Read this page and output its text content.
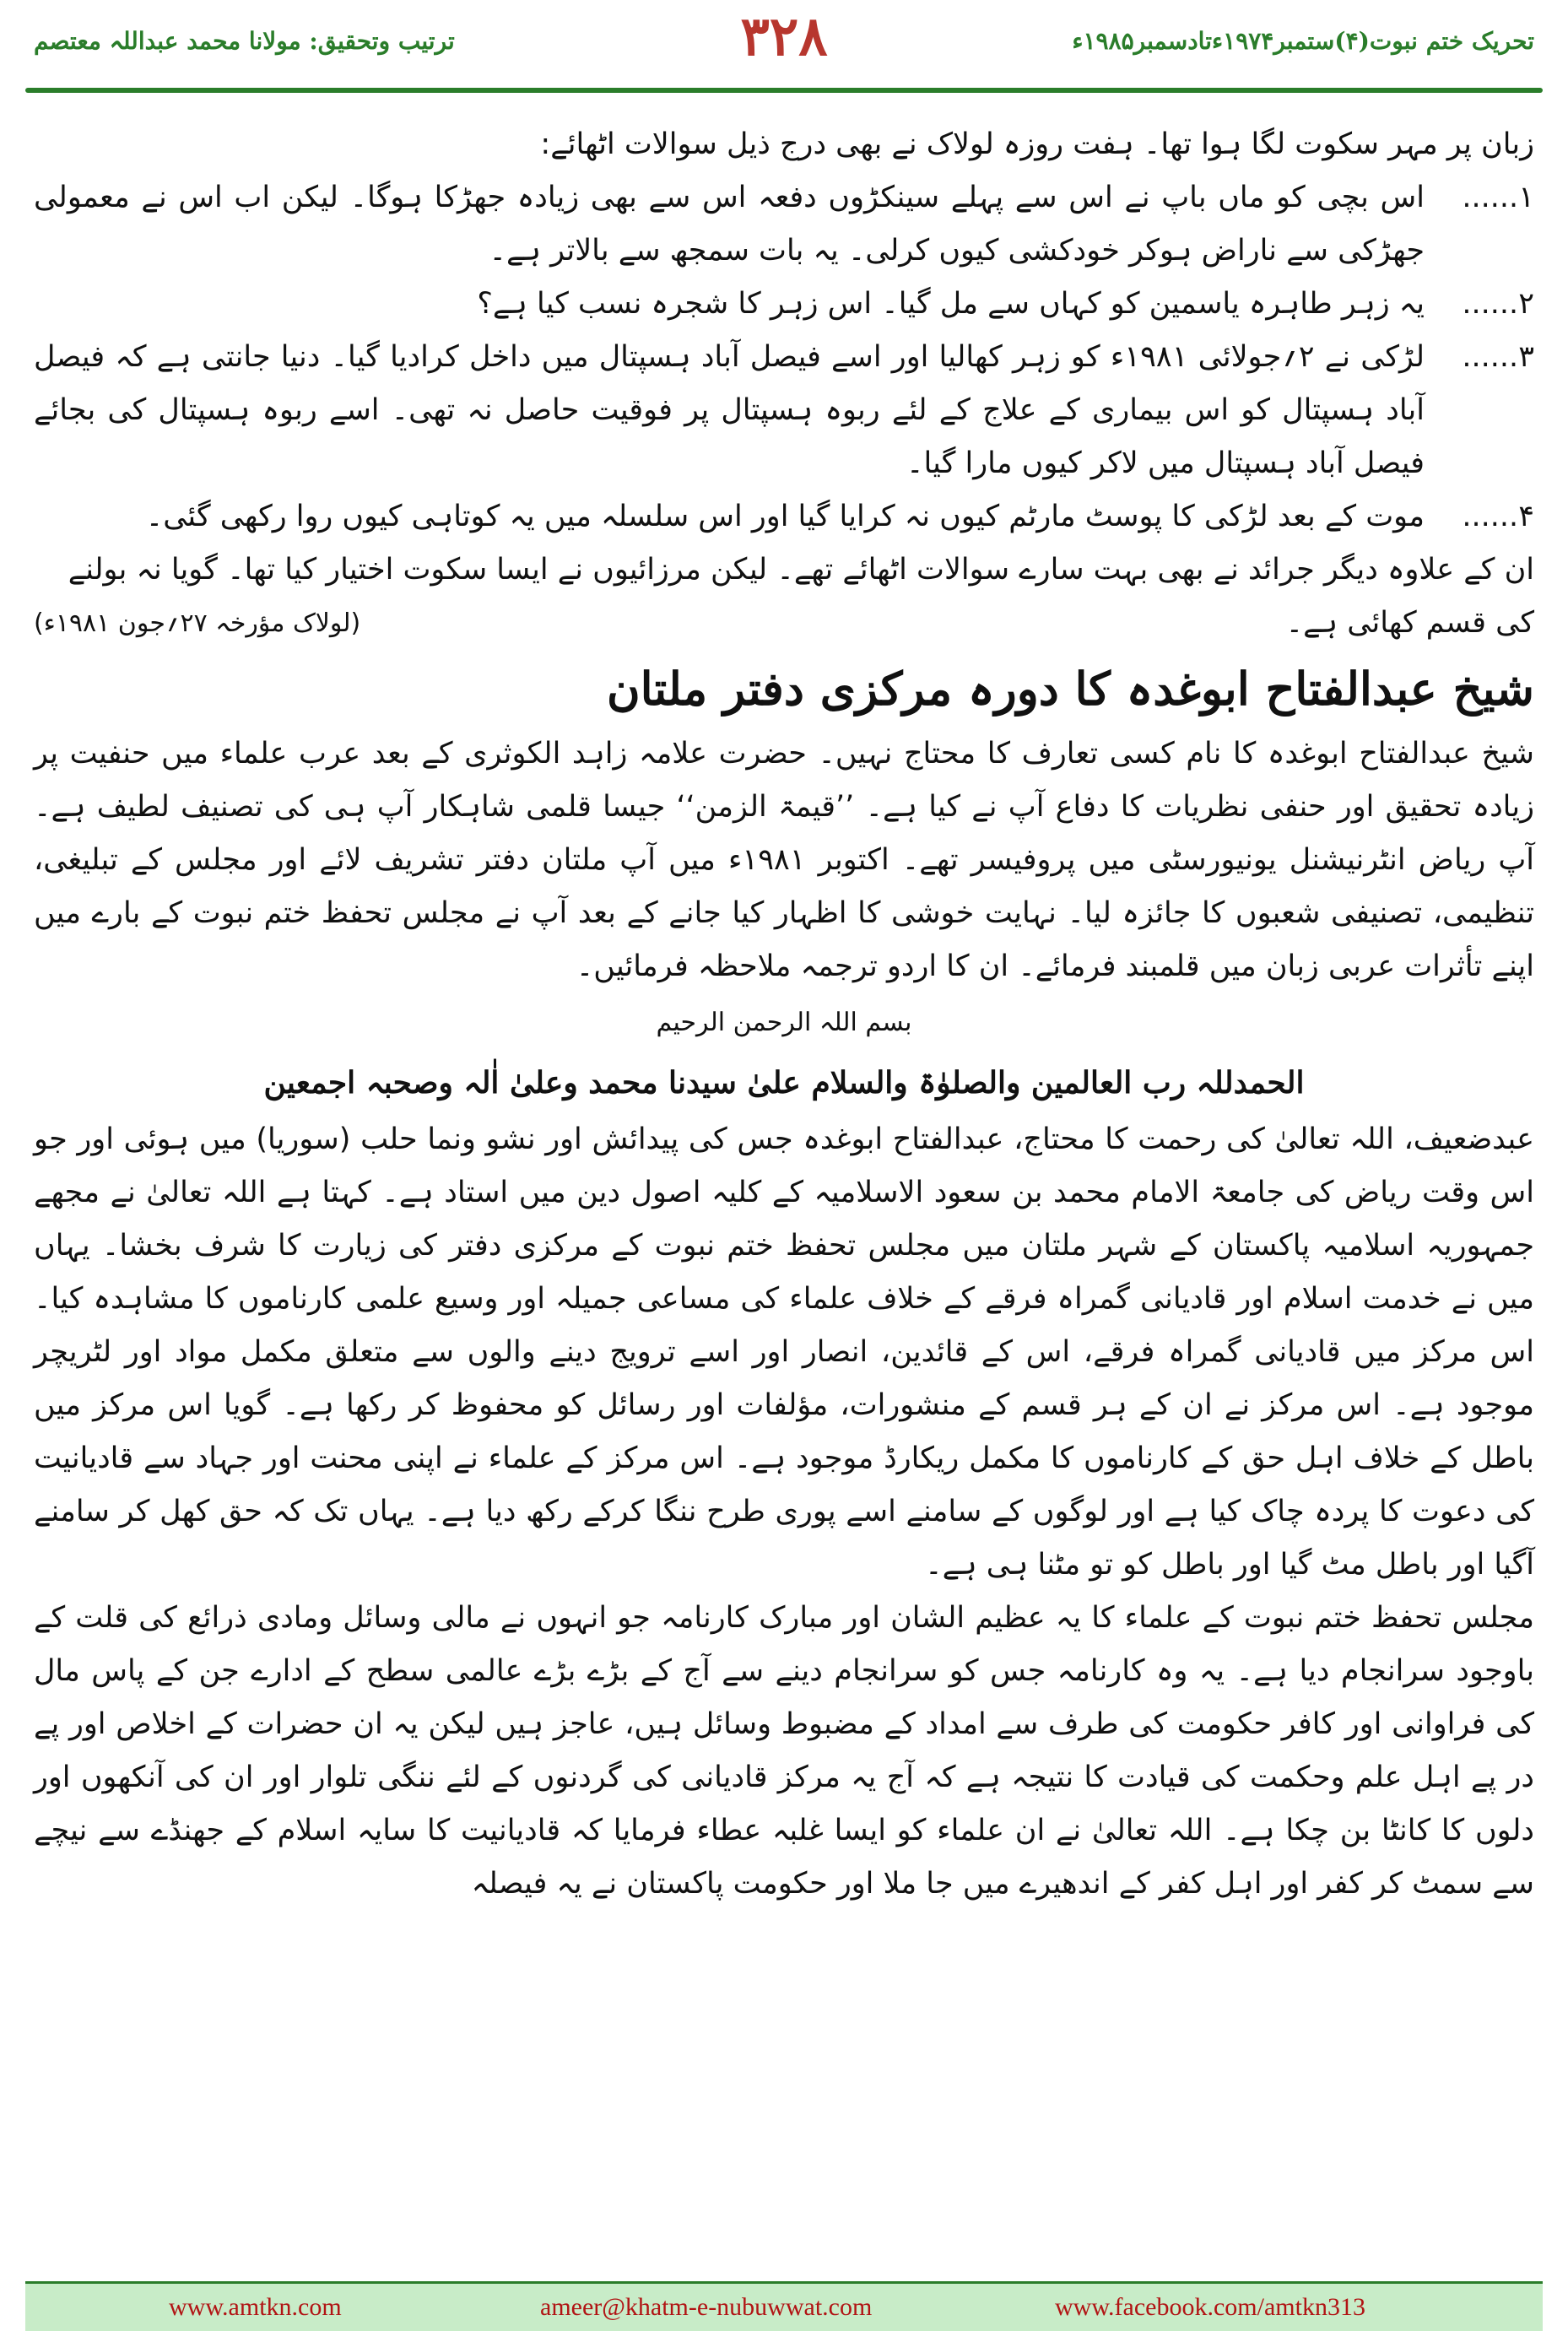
تحریک ختم نبوت(۴)ستمبر۱۹۷۴ءتادسمبر۱۹۸۵ء
۳۲۸
ترتیب وتحقیق: مولانا محمد عبداللہ معتصم

زبان پر مہر سکوت لگا ہوا تھا۔ ہفت روزہ لولاک نے بھی درج ذیل سوالات اٹھائے:

۱......
اس بچی کو ماں باپ نے اس سے پہلے سینکڑوں دفعہ اس سے بھی زیادہ جھڑکا ہوگا۔ لیکن اب اس نے معمولی جھڑکی سے ناراض ہوکر خودکشی کیوں کرلی۔ یہ بات سمجھ سے بالاتر ہے۔
۲......
یہ زہر طاہرہ یاسمین کو کہاں سے مل گیا۔ اس زہر کا شجرہ نسب کیا ہے؟
۳......
لڑکی نے ۲؍جولائی ۱۹۸۱ء کو زہر کھالیا اور اسے فیصل آباد ہسپتال میں داخل کرادیا گیا۔ دنیا جانتی ہے کہ فیصل آباد ہسپتال کو اس بیماری کے علاج کے لئے ربوہ ہسپتال پر فوقیت حاصل نہ تھی۔ اسے ربوہ ہسپتال کی بجائے فیصل آباد ہسپتال میں لاکر کیوں مارا گیا۔
۴......
موت کے بعد لڑکی کا پوسٹ مارٹم کیوں نہ کرایا گیا اور اس سلسلہ میں یہ کوتاہی کیوں روا رکھی گئی۔

ان کے علاوہ دیگر جرائد نے بھی بہت سارے سوالات اٹھائے تھے۔ لیکن مرزائیوں نے ایسا سکوت اختیار کیا تھا۔ گویا نہ بولنے

کی قسم کھائی ہے۔
(لولاک مؤرخہ ۲۷؍جون ۱۹۸۱ء)
شیخ عبدالفتاح ابوغدہ کا دورہ مرکزی دفتر ملتان

شیخ عبدالفتاح ابوغدہ کا نام کسی تعارف کا محتاج نہیں۔ حضرت علامہ زاہد الکوثری کے بعد عرب علماء میں حنفیت پر زیادہ تحقیق اور حنفی نظریات کا دفاع آپ نے کیا ہے۔ ’’قیمۃ الزمن‘‘ جیسا قلمی شاہکار آپ ہی کی تصنیف لطیف ہے۔ آپ ریاض انٹرنیشنل یونیورسٹی میں پروفیسر تھے۔ اکتوبر ۱۹۸۱ء میں آپ ملتان دفتر تشریف لائے اور مجلس کے تبلیغی، تنظیمی، تصنیفی شعبوں کا جائزہ لیا۔ نہایت خوشی کا اظہار کیا جانے کے بعد آپ نے مجلس تحفظ ختم نبوت کے بارے میں اپنے تأثرات عربی زبان میں قلمبند فرمائے۔ ان کا اردو ترجمہ ملاحظہ فرمائیں۔

بسم اللہ الرحمن الرحیم
الحمدللہ رب العالمین والصلوٰۃ والسلام علیٰ سیدنا محمد وعلیٰ اٰلہ وصحبہ اجمعین

عبدضعیف، اللہ تعالیٰ کی رحمت کا محتاج، عبدالفتاح ابوغدہ جس کی پیدائش اور نشو ونما حلب (سوریا) میں ہوئی اور جو اس وقت ریاض کی جامعۃ الامام محمد بن سعود الاسلامیہ کے کلیہ اصول دین میں استاد ہے۔ کہتا ہے اللہ تعالیٰ نے مجھے جمہوریہ اسلامیہ پاکستان کے شہر ملتان میں مجلس تحفظ ختم نبوت کے مرکزی دفتر کی زیارت کا شرف بخشا۔ یہاں میں نے خدمت اسلام اور قادیانی گمراہ فرقے کے خلاف علماء کی مساعی جمیلہ اور وسیع علمی کارناموں کا مشاہدہ کیا۔ اس مرکز میں قادیانی گمراہ فرقے، اس کے قائدین، انصار اور اسے ترویج دینے والوں سے متعلق مکمل مواد اور لٹریچر موجود ہے۔ اس مرکز نے ان کے ہر قسم کے منشورات، مؤلفات اور رسائل کو محفوظ کر رکھا ہے۔ گویا اس مرکز میں باطل کے خلاف اہل حق کے کارناموں کا مکمل ریکارڈ موجود ہے۔ اس مرکز کے علماء نے اپنی محنت اور جہاد سے قادیانیت کی دعوت کا پردہ چاک کیا ہے اور لوگوں کے سامنے اسے پوری طرح ننگا کرکے رکھ دیا ہے۔ یہاں تک کہ حق کھل کر سامنے آگیا اور باطل مٹ گیا اور باطل کو تو مٹنا ہی ہے۔

مجلس تحفظ ختم نبوت کے علماء کا یہ عظیم الشان اور مبارک کارنامہ جو انہوں نے مالی وسائل ومادی ذرائع کی قلت کے باوجود سرانجام دیا ہے۔ یہ وہ کارنامہ جس کو سرانجام دینے سے آج کے بڑے بڑے عالمی سطح کے ادارے جن کے پاس مال کی فراوانی اور کافر حکومت کی طرف سے امداد کے مضبوط وسائل ہیں، عاجز ہیں لیکن یہ ان حضرات کے اخلاص اور پے در پے اہل علم وحکمت کی قیادت کا نتیجہ ہے کہ آج یہ مرکز قادیانی کی گردنوں کے لئے ننگی تلوار اور ان کی آنکھوں اور دلوں کا کانٹا بن چکا ہے۔ اللہ تعالیٰ نے ان علماء کو ایسا غلبہ عطاء فرمایا کہ قادیانیت کا سایہ اسلام کے جھنڈے سے نیچے سے سمٹ کر کفر اور اہل کفر کے اندھیرے میں جا ملا اور حکومت پاکستان نے یہ فیصلہ

www.amtkn.com	ameer@khatm-e-nubuwwat.com	www.facebook.com/amtkn313
